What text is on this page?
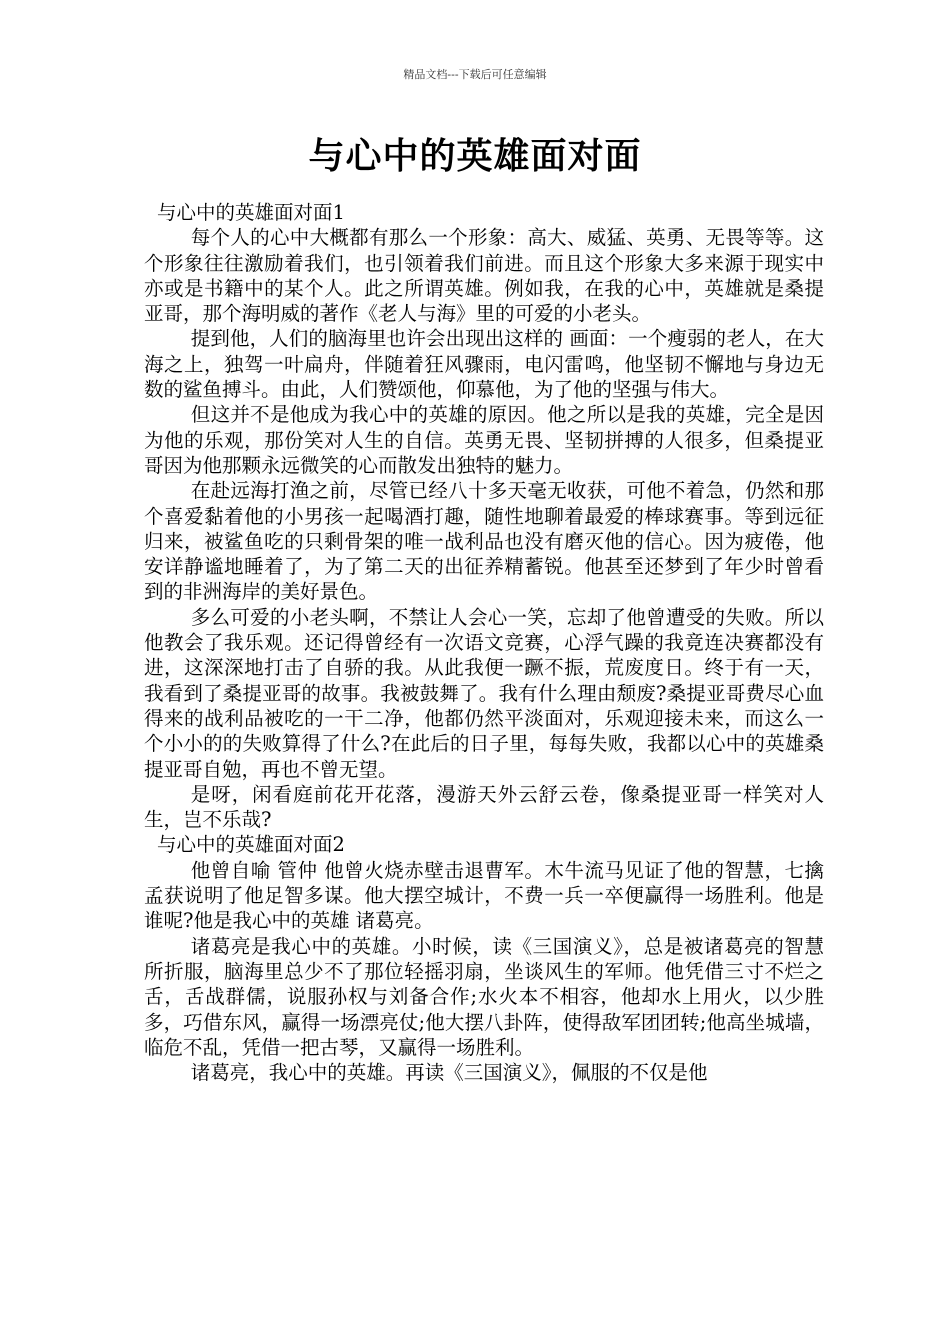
精品文档---下载后可任意编辑
与心中的英雄面对面
与心中的英雄面对面1

每个人的心中大概都有那么一个形象：高大、威猛、英勇、无畏等等。这个形象往往激励着我们，也引领着我们前进。而且这个形象大多来源于现实中亦或是书籍中的某个人。此之所谓英雄。例如我，在我的心中，英雄就是桑提亚哥，那个海明威的著作《老人与海》里的可爱的小老头。

提到他，人们的脑海里也许会出现出这样的 画面：一个瘦弱的老人，在大海之上，独驾一叶扁舟，伴随着狂风骤雨，电闪雷鸣，他坚韧不懈地与身边无数的鲨鱼搏斗。由此，人们赞颂他，仰慕他，为了他的坚强与伟大。

但这并不是他成为我心中的英雄的原因。他之所以是我的英雄，完全是因为他的乐观，那份笑对人生的自信。英勇无畏、坚韧拼搏的人很多，但桑提亚哥因为他那颗永远微笑的心而散发出独特的魅力。

在赴远海打渔之前，尽管已经八十多天毫无收获，可他不着急，仍然和那个喜爱黏着他的小男孩一起喝酒打趣，随性地聊着最爱的棒球赛事。等到远征归来，被鲨鱼吃的只剩骨架的唯一战利品也没有磨灭他的信心。因为疲倦，他安详静谧地睡着了，为了第二天的出征养精蓄锐。他甚至还梦到了年少时曾看到的非洲海岸的美好景色。

多么可爱的小老头啊，不禁让人会心一笑，忘却了他曾遭受的失败。所以他教会了我乐观。还记得曾经有一次语文竞赛，心浮气躁的我竟连决赛都没有进，这深深地打击了自骄的我。从此我便一蹶不振，荒废度日。终于有一天，我看到了桑提亚哥的故事。我被鼓舞了。我有什么理由颓废?桑提亚哥费尽心血得来的战利品被吃的一干二净，他都仍然平淡面对，乐观迎接未来，而这么一个小小的的失败算得了什么?在此后的日子里，每每失败，我都以心中的英雄桑提亚哥自勉，再也不曾无望。

是呀，闲看庭前花开花落，漫游天外云舒云卷，像桑提亚哥一样笑对人生，岂不乐哉?

与心中的英雄面对面2

他曾自喻 管仲 他曾火烧赤壁击退曹军。木牛流马见证了他的智慧，七擒孟获说明了他足智多谋。他大摆空城计，不费一兵一卒便赢得一场胜利。他是谁呢?他是我心中的英雄 诸葛亮。

诸葛亮是我心中的英雄。小时候，读《三国演义》，总是被诸葛亮的智慧所折服，脑海里总少不了那位轻摇羽扇，坐谈风生的军师。他凭借三寸不烂之舌，舌战群儒，说服孙权与刘备合作;水火本不相容，他却水上用火，以少胜多，巧借东风，赢得一场漂亮仗;他大摆八卦阵，使得敌军团团转;他高坐城墙，临危不乱，凭借一把古琴，又赢得一场胜利。

诸葛亮，我心中的英雄。再读《三国演义》，佩服的不仅是他
